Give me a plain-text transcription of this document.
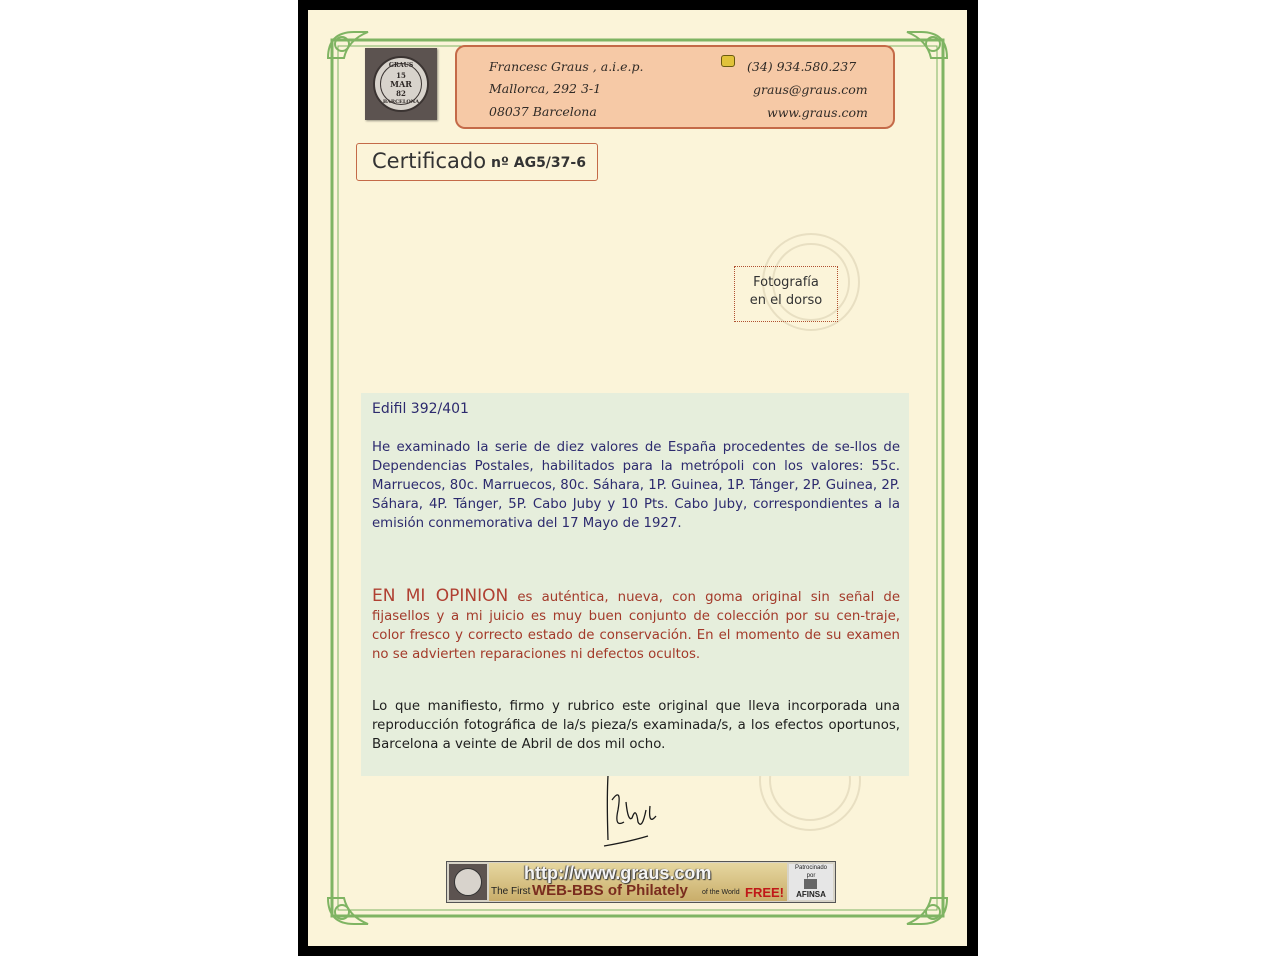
GRAUS
15
MAR
82
BARCELONA
Francesc Graus , a.i.e.p.
Mallorca, 292 3-1
08037 Barcelona
(34) 934.580.237
graus@graus.com
www.graus.com
Certificado nº AG5/37-6
Fotografía
en el dorso
Edifil 392/401
He examinado la serie de diez valores de España procedentes de se-llos de Dependencias Postales, habilitados para la metrópoli con los valores: 55c. Marruecos, 80c. Marruecos, 80c. Sáhara, 1P. Guinea, 1P. Tánger, 2P. Guinea, 2P. Sáhara, 4P. Tánger, 5P. Cabo Juby y 10 Pts. Cabo Juby, correspondientes a la emisión conmemorativa del 17 Mayo de 1927.
EN MI OPINION es auténtica, nueva, con goma original sin señal de fijasellos y a mi juicio es muy buen conjunto de colección por su cen-traje, color fresco y correcto estado de conservación. En el momento de su examen no se advierten reparaciones ni defectos ocultos.
Lo que manifiesto, firmo y rubrico este original que lleva incorporada una reproducción fotográfica de la/s pieza/s examinada/s, a los efectos oportunos, Barcelona a veinte de Abril de dos mil ocho.
http://www.graus.com
The First WEB-BBS of Philately of the World FREE!
Patrocinado
por
AFINSA
